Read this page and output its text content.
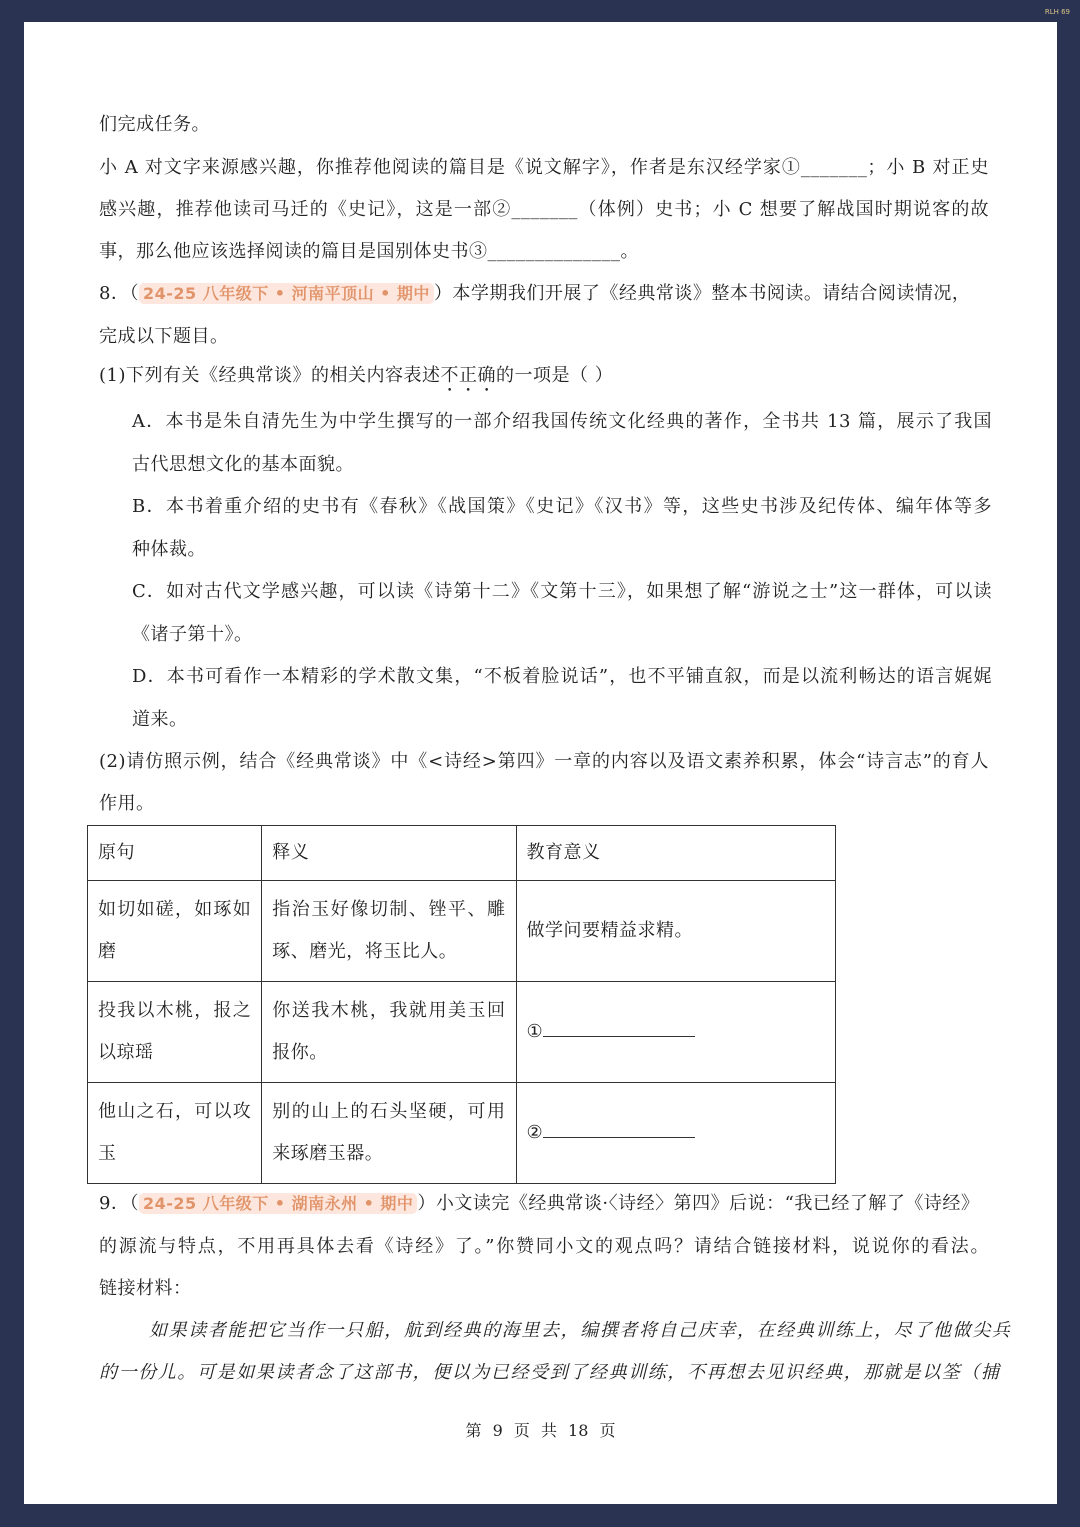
RLH 69
们完成任务。
小 A 对文字来源感兴趣，你推荐他阅读的篇目是《说文解字》，作者是东汉经学家①_______；小 B 对正史
感兴趣，推荐他读司马迁的《史记》，这是一部②_______（体例）史书；小 C 想要了解战国时期说客的故
事，那么他应该选择阅读的篇目是国别体史书③______________。
8．（ 24-25 八年级下 • 河南平顶山 • 期中 ）本学期我们开展了《经典常谈》整本书阅读。请结合阅读情况，
完成以下题目。
(1)下列有关《经典常谈》的相关内容表述不正确的一项是（ ）
A．本书是朱自清先生为中学生撰写的一部介绍我国传统文化经典的著作，全书共 13 篇，展示了我国
古代思想文化的基本面貌。
B．本书着重介绍的史书有《春秋》《战国策》《史记》《汉书》等，这些史书涉及纪传体、编年体等多
种体裁。
C．如对古代文学感兴趣，可以读《诗第十二》《文第十三》，如果想了解“游说之士”这一群体，可以读
《诸子第十》。
D．本书可看作一本精彩的学术散文集，“不板着脸说话”，也不平铺直叙，而是以流利畅达的语言娓娓
道来。
(2)请仿照示例，结合《经典常谈》中《<诗经>第四》一章的内容以及语文素养积累，体会“诗言志”的育人
作用。
原句	释义	教育意义
如切如磋，如琢如磨	指治玉好像切制、锉平、雕琢、磨光，将玉比人。	做学问要精益求精。
投我以木桃，报之以琼瑶	你送我木桃，我就用美玉回报你。	①
他山之石，可以攻玉	别的山上的石头坚硬，可用来琢磨玉器。	②
9．（ 24-25 八年级下 • 湖南永州 • 期中 ）小文读完《经典常谈·〈诗经〉第四》后说：“我已经了解了《诗经》
的源流与特点，不用再具体去看《诗经》了。”你赞同小文的观点吗？请结合链接材料，说说你的看法。
链接材料：
如果读者能把它当作一只船，航到经典的海里去，编撰者将自己庆幸，在经典训练上，尽了他做尖兵
的一份儿。可是如果读者念了这部书，便以为已经受到了经典训练，不再想去见识经典，那就是以筌（捕
第 9 页 共 18 页
